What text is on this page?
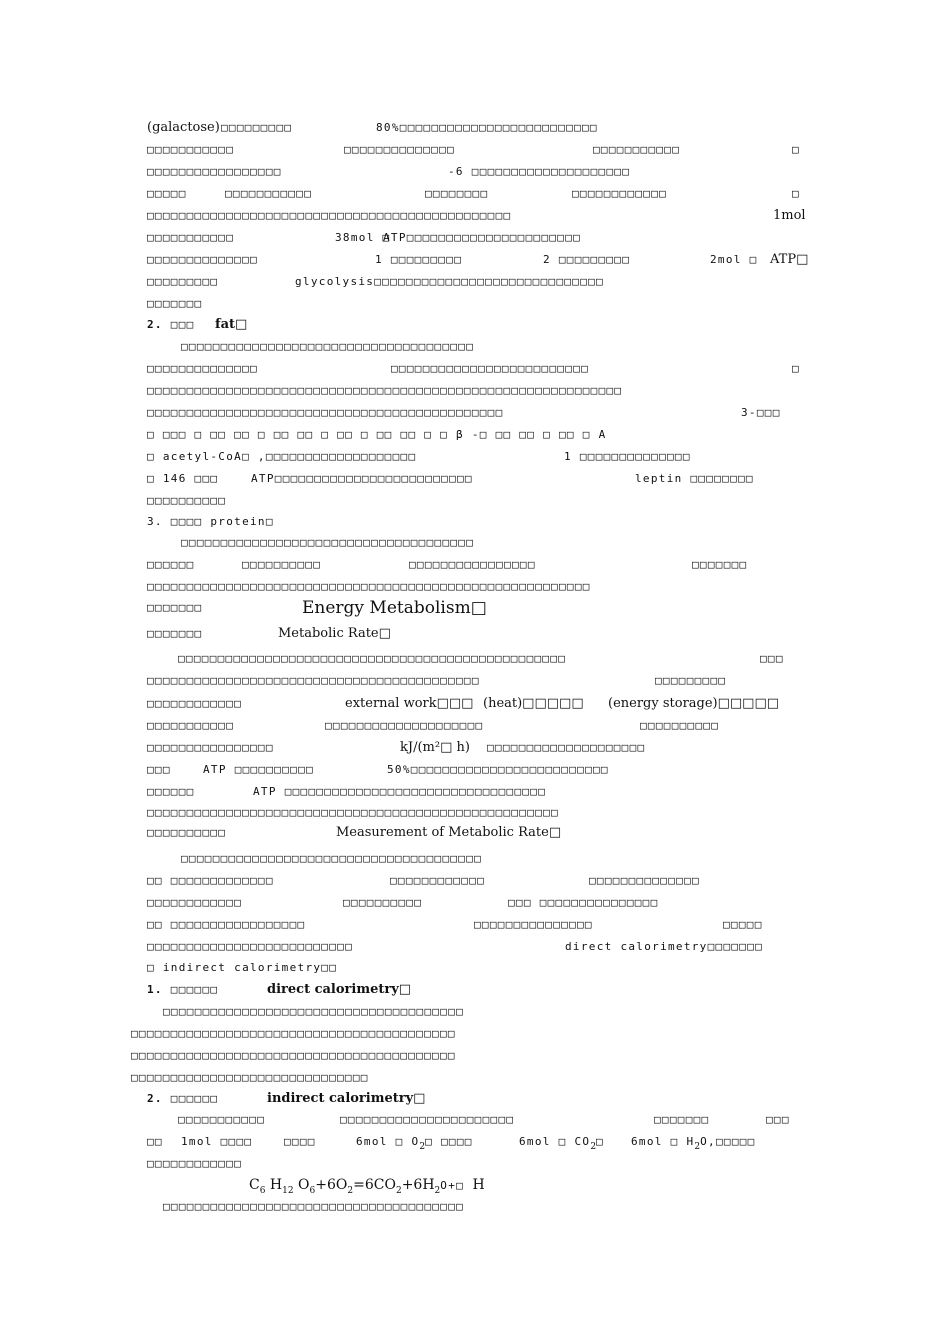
(galactose) □□□□□□□□□	80%□□□□□□□□□□□□□□□□□□□□□□□□□
□□□□□□□□□□□	□□□□□□□□□□□□□□	□□□□□□□□□□□	□
□□□□□□□□□□□□□□□□□	-6 □□□□□□□□□□□□□□□□□□□□
□□□□□	□□□□□□□□□□□	□□□□□□□□	□□□□□□□□□□□□	□
□□□□□□□□□□□□□□□□□□□□□□□□□□□□□□□□□□□□□□□□□□□□□□	1mol
□□□□□□□□□□□	38mol □
ATP□□□□□□□□□□□□□□□□□□□□□□
□□□□□□□□□□□□□□	1 □□□□□□□□□	2 □□□□□□□□□	2mol □ ATP□
□□□□□□□□□	glycolysis□□□□□□□□□□□□□□□□□□□□□□□□□□□□□
□□□□□□□
2. □□□ fat□
□□□□□□□□□□□□□□□□□□□□□□□□□□□□□□□□□□□□□
□□□□□□□□□□□□□□	□□□□□□□□□□□□□□□□□□□□□□□□□	□
□□□□□□□□□□□□□□□□□□□□□□□□□□□□□□□□□□□□□□□□□□□□□□□□□□□□□□□□□□□□
□□□□□□□□□□□□□□□□□□□□□□□□□□□□□□□□□□□□□□□□□□□□□	3-□□□
□ □□□ □ □□ □□ □ □□ □□ □ □□ □ □□ □□ □ □ β -□ □□ □□ □ □□ □ A
□ acetyl-CoA□ ,□□□□□□□□□□□□□□□□□□□	1 □□□□□□□□□□□□□□
□ 146 □□□	ATP□□□□□□□□□□□□□□□□□□□□□□□□□	leptin □□□□□□□□
□□□□□□□□□□
3. □□□□ protein□
□□□□□□□□□□□□□□□□□□□□□□□□□□□□□□□□□□□□□
□□□□□□	□□□□□□□□□□	□□□□□□□□□□□□□□□□	□□□□□□□
□□□□□□□□□□□□□□□□□□□□□□□□□□□□□□□□□□□□□□□□□□□□□□□□□□□□□□□□
□□□□□□□	Energy Metabolism□
□□□□□□□	Metabolic Rate□
□□□□□□□□□□□□□□□□□□□□□□□□□□□□□□□□□□□□□□□□□□□□□□□□□	□□□
□□□□□□□□□□□□□□□□□□□□□□□□□□□□□□□□□□□□□□□□□□	□□□□□□□□□
□□□□□□□□□□□□	external work□□□ (heat)□□□□□ (energy storage)□□□□□
□□□□□□□□□□□	□□□□□□□□□□□□□□□□□□□□	□□□□□□□□□□
□□□□□□□□□□□□□□□□	kJ/(m²□ h) □□□□□□□□□□□□□□□□□□□□
□□□	ATP □□□□□□□□□□	50%□□□□□□□□□□□□□□□□□□□□□□□□□
□□□□□□	ATP □□□□□□□□□□□□□□□□□□□□□□□□□□□□□□□□□
□□□□□□□□□□□□□□□□□□□□□□□□□□□□□□□□□□□□□□□□□□□□□□□□□□□□
□□□□□□□□□□	Measurement of Metabolic Rate□
□□□□□□□□□□□□□□□□□□□□□□□□□□□□□□□□□□□□□□
□□ □□□□□□□□□□□□□	□□□□□□□□□□□□	□□□□□□□□□□□□□□
□□□□□□□□□□□□	□□□□□□□□□□	□□□ □□□□□□□□□□□□□□□
□□ □□□□□□□□□□□□□□□□□	□□□□□□□□□□□□□□□	□□□□□
□□□□□□□□□□□□□□□□□□□□□□□□□□	direct calorimetry□□□□□□□
□ indirect calorimetry□□
1. □□□□□□	direct calorimetry□
□□□□□□□□□□□□□□□□□□□□□□□□□□□□□□□□□□□□□□
□□□□□□□□□□□□□□□□□□□□□□□□□□□□□□□□□□□□□□□□□
□□□□□□□□□□□□□□□□□□□□□□□□□□□□□□□□□□□□□□□□□
□□□□□□□□□□□□□□□□□□□□□□□□□□□□□□
2. □□□□□□	indirect calorimetry□
□□□□□□□□□□□	□□□□□□□□□□□□□□□□□□□□□□	□□□□□□□	□□□
□□ 1mol □□□□	□□□□	6mol □ $O_2□$ □□□□	6mol □ $CO_2□$ 6mol □ $H_2O,□□□□□$
□□□□□□□□□□□□
$C_6$ $H_{12}$ $O_6+6O_2=6CO_2+6H_2O+□$ H
□□□□□□□□□□□□□□□□□□□□□□□□□□□□□□□□□□□□□□
